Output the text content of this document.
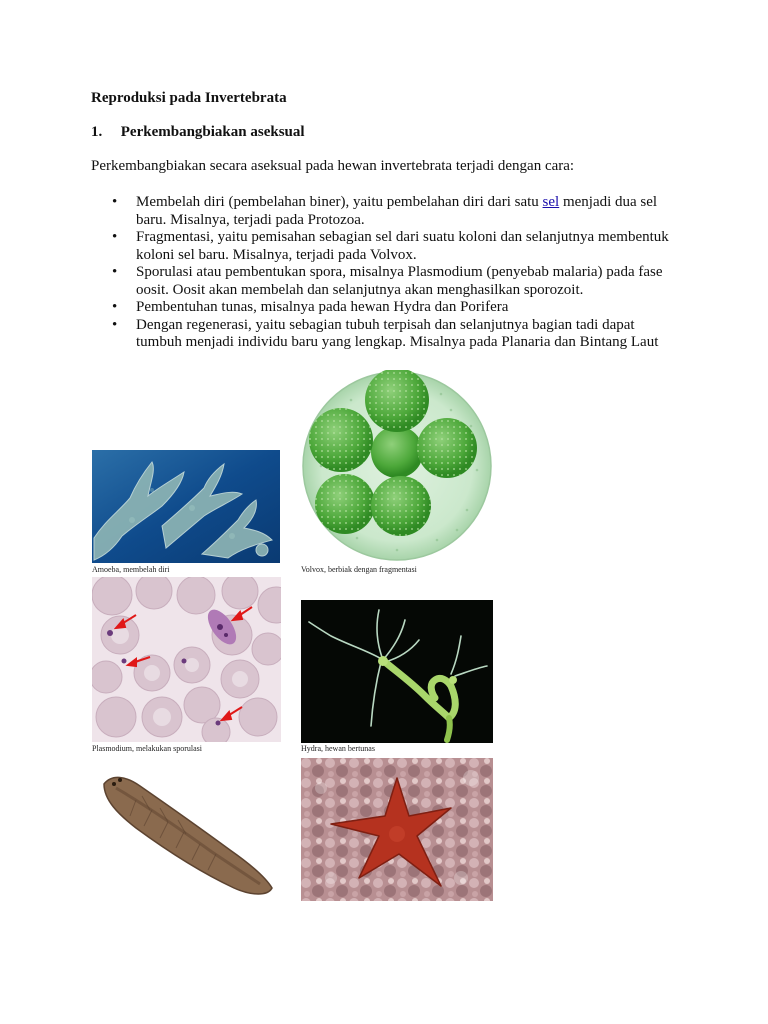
Reproduksi pada Invertebrata
1. Perkembangbiakan aseksual
Perkembangbiakan secara aseksual pada hewan invertebrata terjadi dengan cara:
• Membelah diri (pembelahan biner), yaitu pembelahan diri dari satu sel menjadi dua sel baru. Misalnya, terjadi pada Protozoa.
• Fragmentasi, yaitu pemisahan sebagian sel dari suatu koloni dan selanjutnya membentuk koloni sel baru. Misalnya, terjadi pada Volvox.
• Sporulasi atau pembentukan spora, misalnya Plasmodium (penyebab malaria) pada fase oosit. Oosit akan membelah dan selanjutnya akan menghasilkan sporozoit.
• Pembentuhan tunas, misalnya pada hewan Hydra dan Porifera
• Dengan regenerasi, yaitu sebagian tubuh terpisah dan selanjutnya bagian tadi dapat tumbuh menjadi individu baru yang lengkap. Misalnya pada Planaria dan Bintang Laut
Amoeba, membelah diri	Volvox, berbiak dengan fragmentasi
Plasmodium, melakukan sporulasi	Hydra, hewan bertunas
